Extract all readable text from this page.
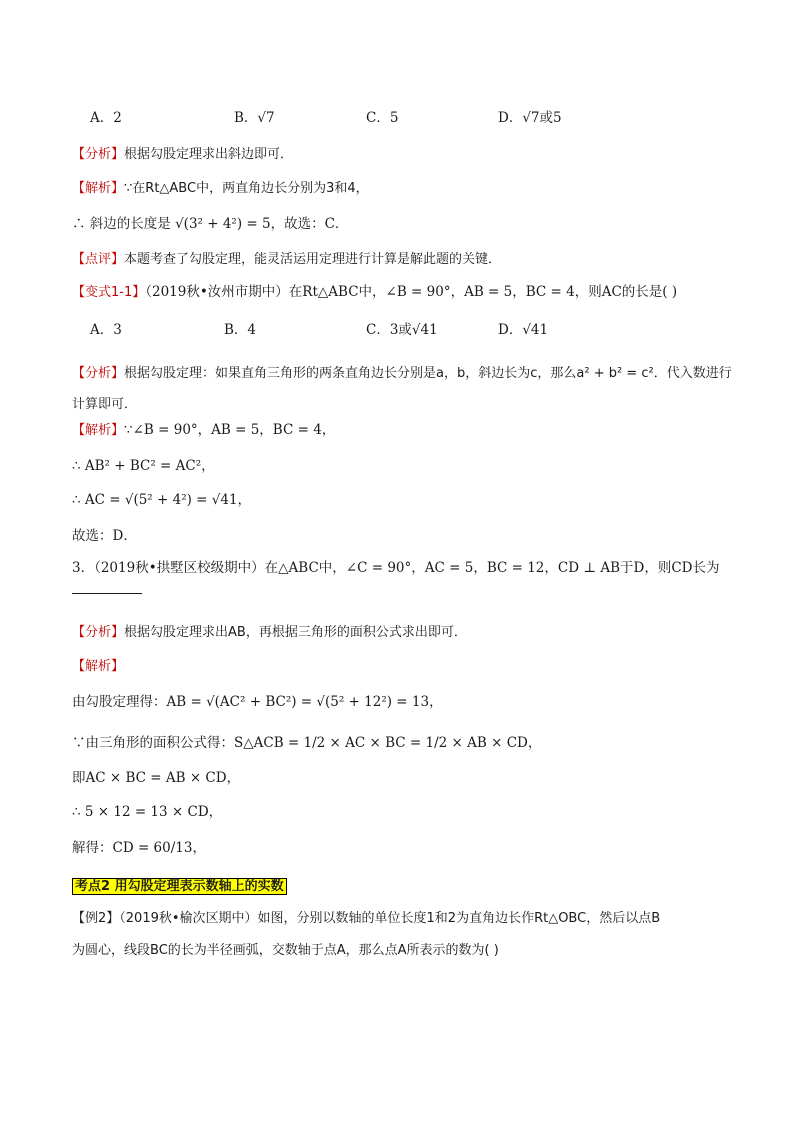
A．2	B．√7	C．5	D．√7或5
【分析】根据勾股定理求出斜边即可．
【解析】∵在Rt△ABC中，两直角边长分别为3和4，
∴ 斜边的长度是 √(3² + 4²) = 5，故选：C．
【点评】本题考查了勾股定理，能灵活运用定理进行计算是解此题的关键．
【变式1-1】（2019秋•汝州市期中）在Rt△ABC中，∠B = 90°，AB = 5，BC = 4，则AC的长是( )
A．3	B．4	C．3或√41	D．√41
【分析】根据勾股定理：如果直角三角形的两条直角边长分别是a，b，斜边长为c，那么a² + b² = c²．代入数进行计算即可．
【解析】∵∠B = 90°，AB = 5，BC = 4，
∴ AB² + BC² = AC²，
∴ AC = √(5² + 4²) = √41，
故选：D．
3．（2019秋•拱墅区校级期中）在△ABC中，∠C = 90°，AC = 5，BC = 12，CD ⊥ AB于D，则CD长为
【分析】根据勾股定理求出AB，再根据三角形的面积公式求出即可．
【解析】
由勾股定理得：AB = √(AC² + BC²) = √(5² + 12²) = 13，
∵由三角形的面积公式得：S△ACB = 1/2 × AC × BC = 1/2 × AB × CD，
即AC × BC = AB × CD，
∴ 5 × 12 = 13 × CD，
解得：CD = 60/13，
考点2 用勾股定理表示数轴上的实数
【例2】（2019秋•榆次区期中）如图，分别以数轴的单位长度1和2为直角边长作Rt△OBC，然后以点B
为圆心，线段BC的长为半径画弧，交数轴于点A，那么点A所表示的数为( )
